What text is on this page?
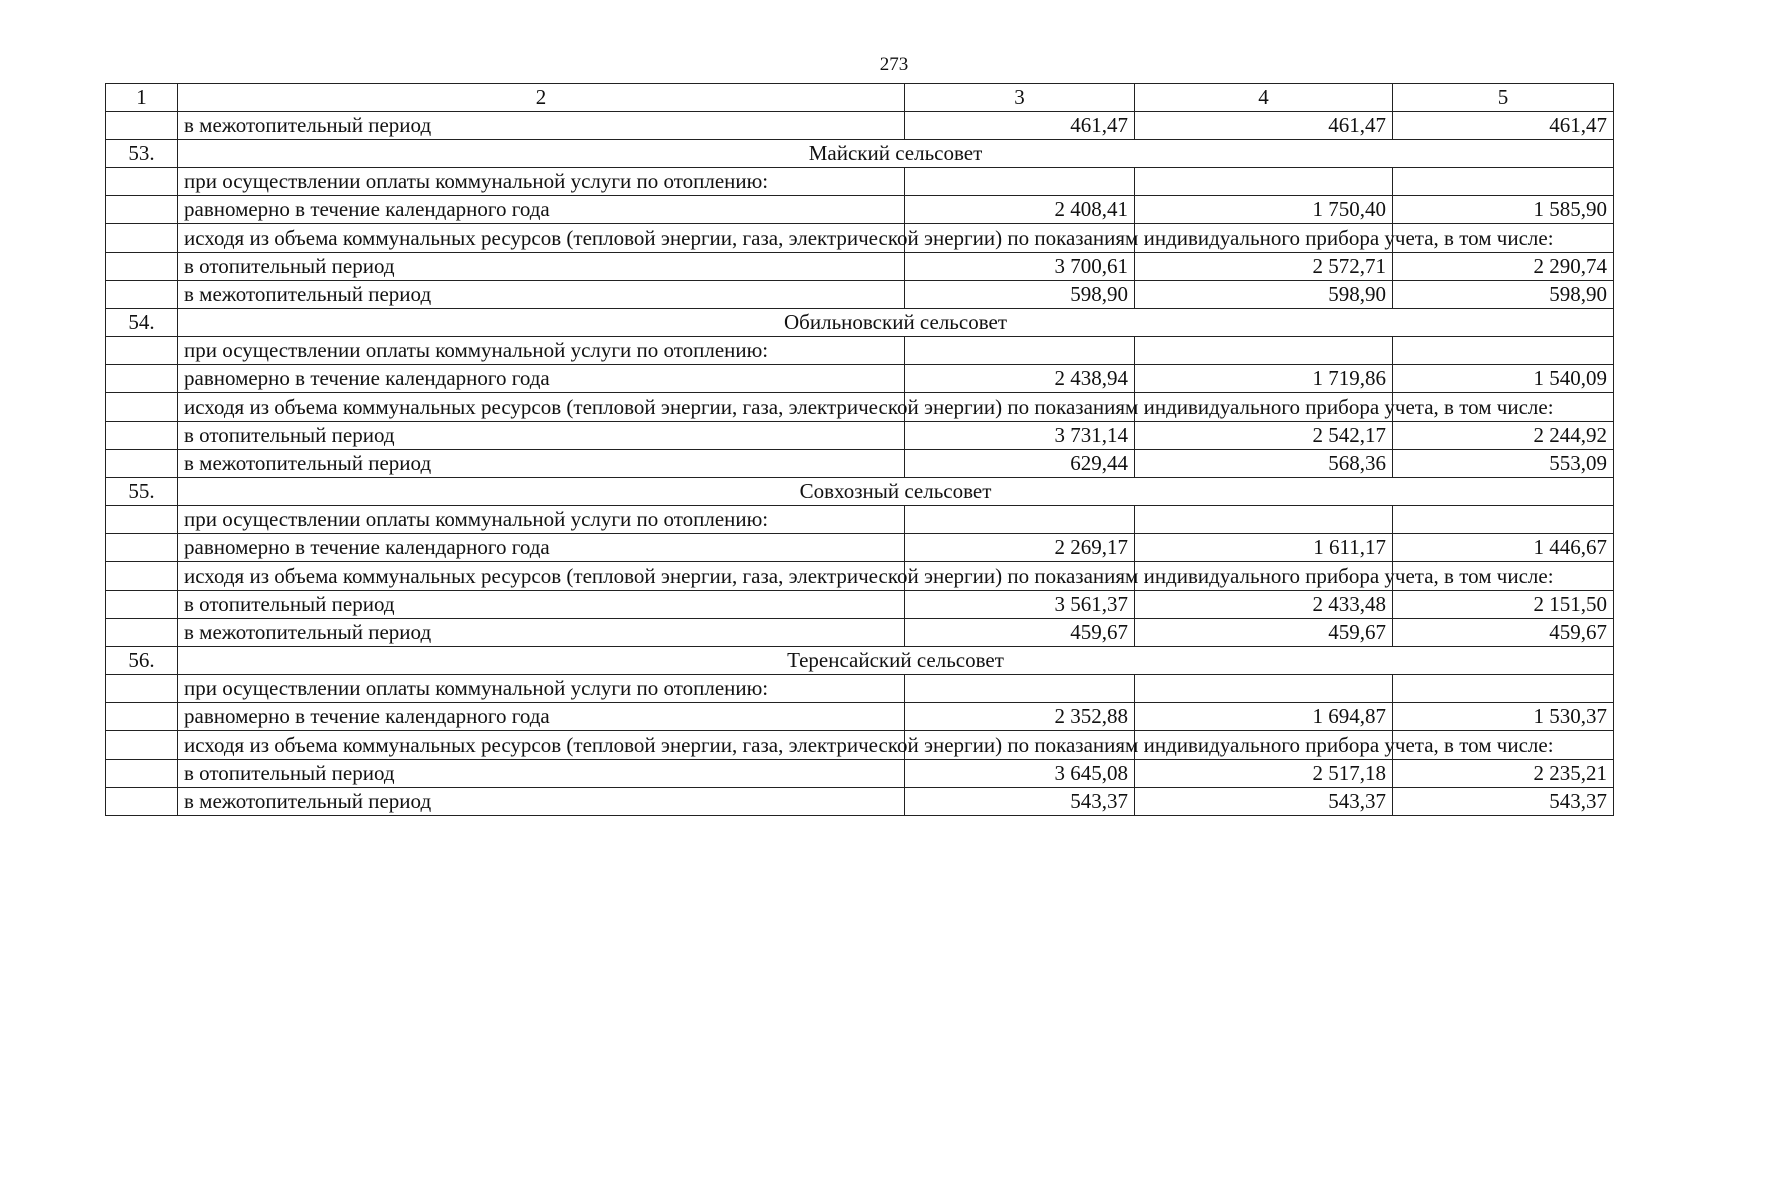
273
1	2	3	4	5
	в межотопительный период	461,47	461,47	461,47
53.	Майский сельсовет			
	при осуществлении оплаты коммунальной услуги по отоплению:			
	равномерно в течение календарного года	2 408,41	1 750,40	1 585,90
	исходя из объема коммунальных ресурсов (тепловой энергии, газа, электрической энергии) по показаниям индивидуального прибора учета, в том числе:			
	в отопительный период	3 700,61	2 572,71	2 290,74
	в межотопительный период	598,90	598,90	598,90
54.	Обильновский сельсовет			
	при осуществлении оплаты коммунальной услуги по отоплению:			
	равномерно в течение календарного года	2 438,94	1 719,86	1 540,09
	исходя из объема коммунальных ресурсов (тепловой энергии, газа, электрической энергии) по показаниям индивидуального прибора учета, в том числе:			
	в отопительный период	3 731,14	2 542,17	2 244,92
	в межотопительный период	629,44	568,36	553,09
55.	Совхозный сельсовет			
	при осуществлении оплаты коммунальной услуги по отоплению:			
	равномерно в течение календарного года	2 269,17	1 611,17	1 446,67
	исходя из объема коммунальных ресурсов (тепловой энергии, газа, электрической энергии) по показаниям индивидуального прибора учета, в том числе:			
	в отопительный период	3 561,37	2 433,48	2 151,50
	в межотопительный период	459,67	459,67	459,67
56.	Теренсайский сельсовет			
	при осуществлении оплаты коммунальной услуги по отоплению:			
	равномерно в течение календарного года	2 352,88	1 694,87	1 530,37
	исходя из объема коммунальных ресурсов (тепловой энергии, газа, электрической энергии) по показаниям индивидуального прибора учета, в том числе:			
	в отопительный период	3 645,08	2 517,18	2 235,21
	в межотопительный период	543,37	543,37	543,37
